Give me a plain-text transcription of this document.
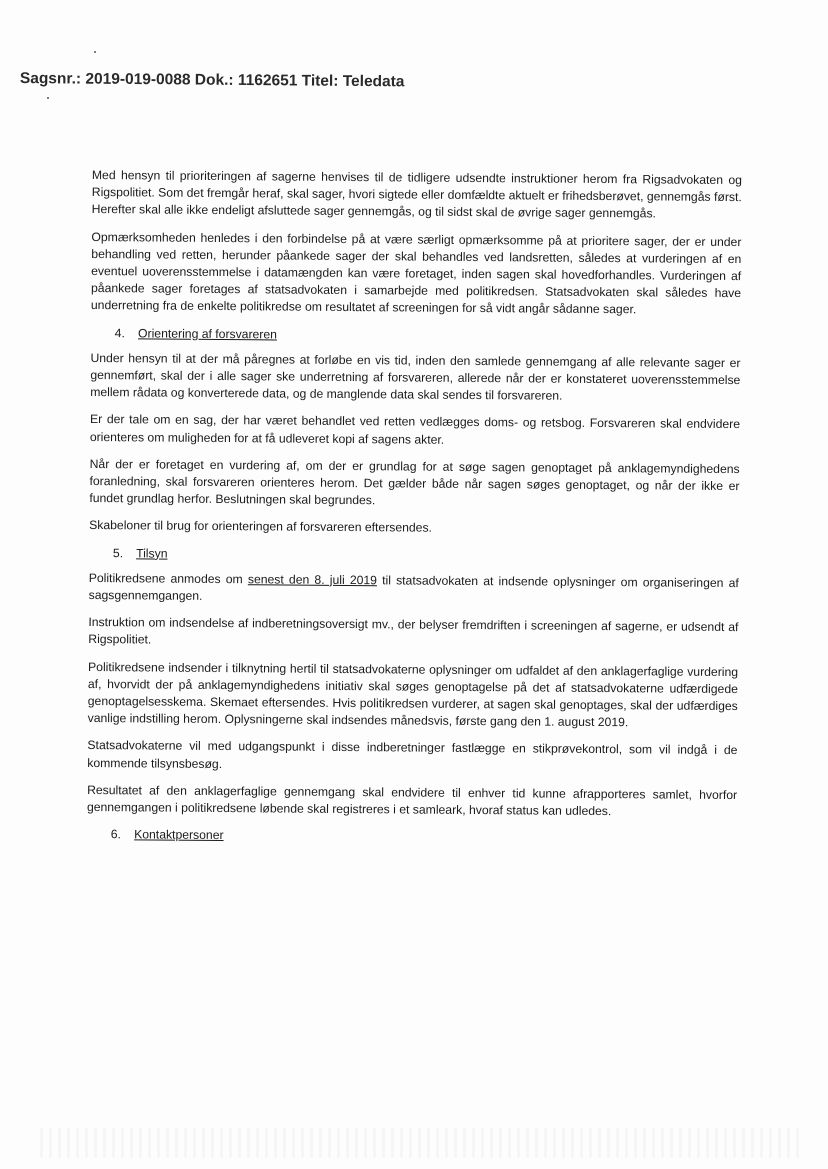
Sagsnr.: 2019-019-0088 Dok.: 1162651 Titel: Teledata

Med hensyn til prioriteringen af sagerne henvises til de tidligere udsendte instruktioner herom fra Rigsadvokaten og Rigspolitiet. Som det fremgår heraf, skal sager, hvori sigtede eller domfældte aktuelt er frihedsberøvet, gennemgås først. Herefter skal alle ikke endeligt afsluttede sager gennemgås, og til sidst skal de øvrige sager gennemgås.

Opmærksomheden henledes i den forbindelse på at være særligt opmærksomme på at prioritere sager, der er under behandling ved retten, herunder påankede sager der skal behandles ved landsretten, således at vurderingen af en eventuel uoverensstemmelse i datamængden kan være foretaget, inden sagen skal hovedforhandles. Vurderingen af påankede sager foretages af statsadvokaten i samarbejde med politikredsen. Statsadvokaten skal således have underretning fra de enkelte politikredse om resultatet af screeningen for så vidt angår sådanne sager.

4. Orientering af forsvareren

Under hensyn til at der må påregnes at forløbe en vis tid, inden den samlede gennemgang af alle relevante sager er gennemført, skal der i alle sager ske underretning af forsvareren, allerede når der er konstateret uoverensstemmelse mellem rådata og konverterede data, og de manglende data skal sendes til forsvareren.

Er der tale om en sag, der har været behandlet ved retten vedlægges doms- og retsbog. Forsvareren skal endvidere orienteres om muligheden for at få udleveret kopi af sagens akter.

Når der er foretaget en vurdering af, om der er grundlag for at søge sagen genoptaget på anklagemyndighedens foranledning, skal forsvareren orienteres herom. Det gælder både når sagen søges genoptaget, og når der ikke er fundet grundlag herfor. Beslutningen skal begrundes.

Skabeloner til brug for orienteringen af forsvareren eftersendes.

5. Tilsyn

Politikredsene anmodes om senest den 8. juli 2019 til statsadvokaten at indsende oplysninger om organiseringen af sagsgennemgangen.

Instruktion om indsendelse af indberetningsoversigt mv., der belyser fremdriften i screeningen af sagerne, er udsendt af Rigspolitiet.

Politikredsene indsender i tilknytning hertil til statsadvokaterne oplysninger om udfaldet af den anklagerfaglige vurdering af, hvorvidt der på anklagemyndighedens initiativ skal søges genoptagelse på det af statsadvokaterne udfærdigede genoptagelsesskema. Skemaet eftersendes. Hvis politikredsen vurderer, at sagen skal genoptages, skal der udfærdiges vanlige indstilling herom. Oplysningerne skal indsendes månedsvis, første gang den 1. august 2019.

Statsadvokaterne vil med udgangspunkt i disse indberetninger fastlægge en stikprøvekontrol, som vil indgå i de kommende tilsynsbesøg.

Resultatet af den anklagerfaglige gennemgang skal endvidere til enhver tid kunne afrapporteres samlet, hvorfor gennemgangen i politikredsene løbende skal registreres i et samleark, hvoraf status kan udledes.

6. Kontaktpersoner
